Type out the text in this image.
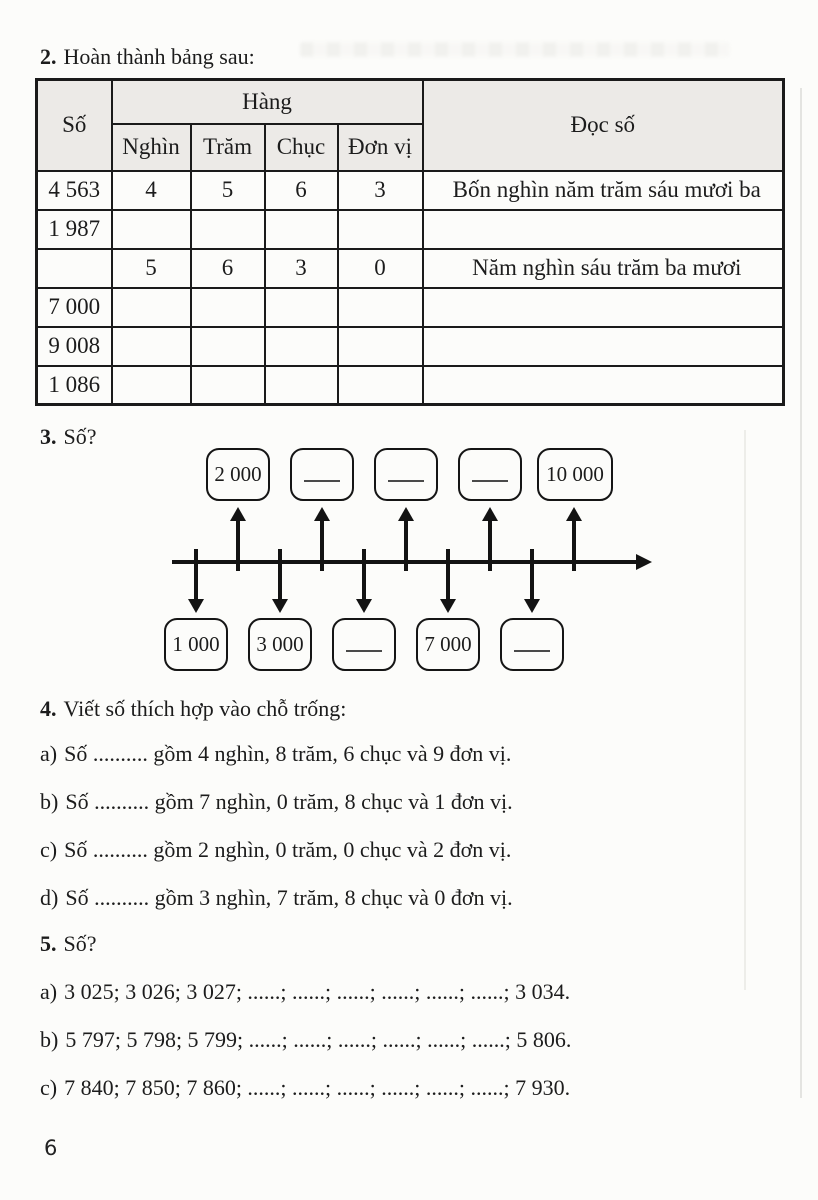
2. Hoàn thành bảng sau:
Số	Hàng				Đọc số
	Nghìn	Trăm	Chục	Đơn vị	
4 563	4	5	6	3	Bốn nghìn năm trăm sáu mươi ba
1 987					
	5	6	3	0	Năm nghìn sáu trăm ba mươi
7 000					
9 008					
1 086					
3. Số?
2 000	10 000
1 000 3 000	7 000
4. Viết số thích hợp vào chỗ trống:
a) Số .......... gồm 4 nghìn, 8 trăm, 6 chục và 9 đơn vị.
b) Số .......... gồm 7 nghìn, 0 trăm, 8 chục và 1 đơn vị.
c) Số .......... gồm 2 nghìn, 0 trăm, 0 chục và 2 đơn vị.
d) Số .......... gồm 3 nghìn, 7 trăm, 8 chục và 0 đơn vị.
5. Số?
a) 3 025; 3 026; 3 027; ......; ......; ......; ......; ......; ......; 3 034.
b) 5 797; 5 798; 5 799; ......; ......; ......; ......; ......; ......; 5 806.
c) 7 840; 7 850; 7 860; ......; ......; ......; ......; ......; ......; 7 930.
6
